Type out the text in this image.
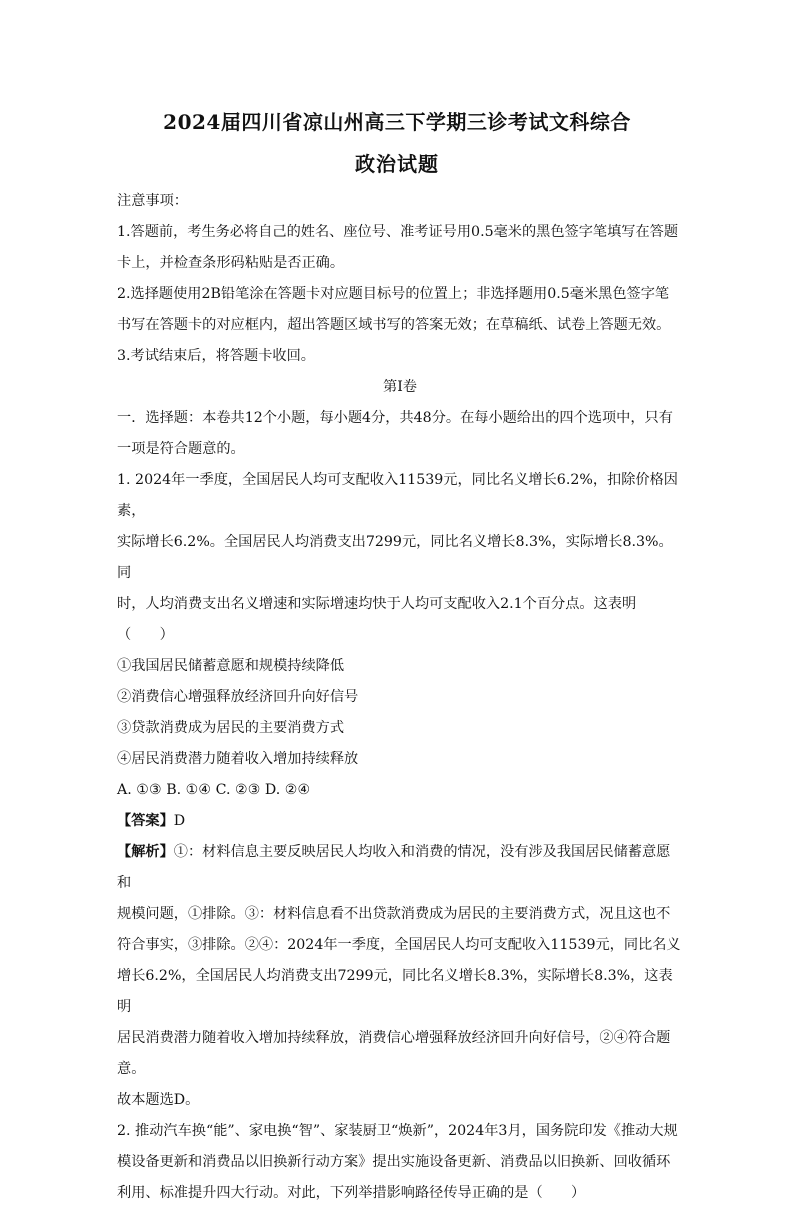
2024届四川省凉山州高三下学期三诊考试文科综合
政治试题

注意事项：

1.答题前，考生务必将自己的姓名、座位号、准考证号用0.5毫米的黑色签字笔填写在答题

卡上，并检查条形码粘贴是否正确。

2.选择题使用2B铅笔涂在答题卡对应题目标号的位置上；非选择题用0.5毫米黑色签字笔

书写在答题卡的对应框内，超出答题区域书写的答案无效；在草稿纸、试卷上答题无效。

3.考试结束后，将答题卡收回。

第I卷

一．选择题：本卷共12个小题，每小题4分，共48分。在每小题给出的四个选项中，只有

一项是符合题意的。

1. 2024年一季度，全国居民人均可支配收入11539元，同比名义增长6.2%，扣除价格因素，

实际增长6.2%。全国居民人均消费支出7299元，同比名义增长8.3%，实际增长8.3%。同

时，人均消费支出名义增速和实际增速均快于人均可支配收入2.1个百分点。这表明（　　）

①我国居民储蓄意愿和规模持续降低

②消费信心增强释放经济回升向好信号

③贷款消费成为居民的主要消费方式

④居民消费潜力随着收入增加持续释放

A. ①③ B. ①④ C. ②③ D. ②④

【答案】D

【解析】①：材料信息主要反映居民人均收入和消费的情况，没有涉及我国居民储蓄意愿和

规模问题，①排除。③：材料信息看不出贷款消费成为居民的主要消费方式，况且这也不

符合事实，③排除。②④：2024年一季度，全国居民人均可支配收入11539元，同比名义

增长6.2%，全国居民人均消费支出7299元，同比名义增长8.3%，实际增长8.3%，这表明

居民消费潜力随着收入增加持续释放，消费信心增强释放经济回升向好信号，②④符合题意。

故本题选D。

2. 推动汽车换“能”、家电换“智”、家装厨卫“焕新”，2024年3月，国务院印发《推动大规

模设备更新和消费品以旧换新行动方案》提出实施设备更新、消费品以旧换新、回收循环

利用、标准提升四大行动。对此，下列举措影响路径传导正确的是（　　）
